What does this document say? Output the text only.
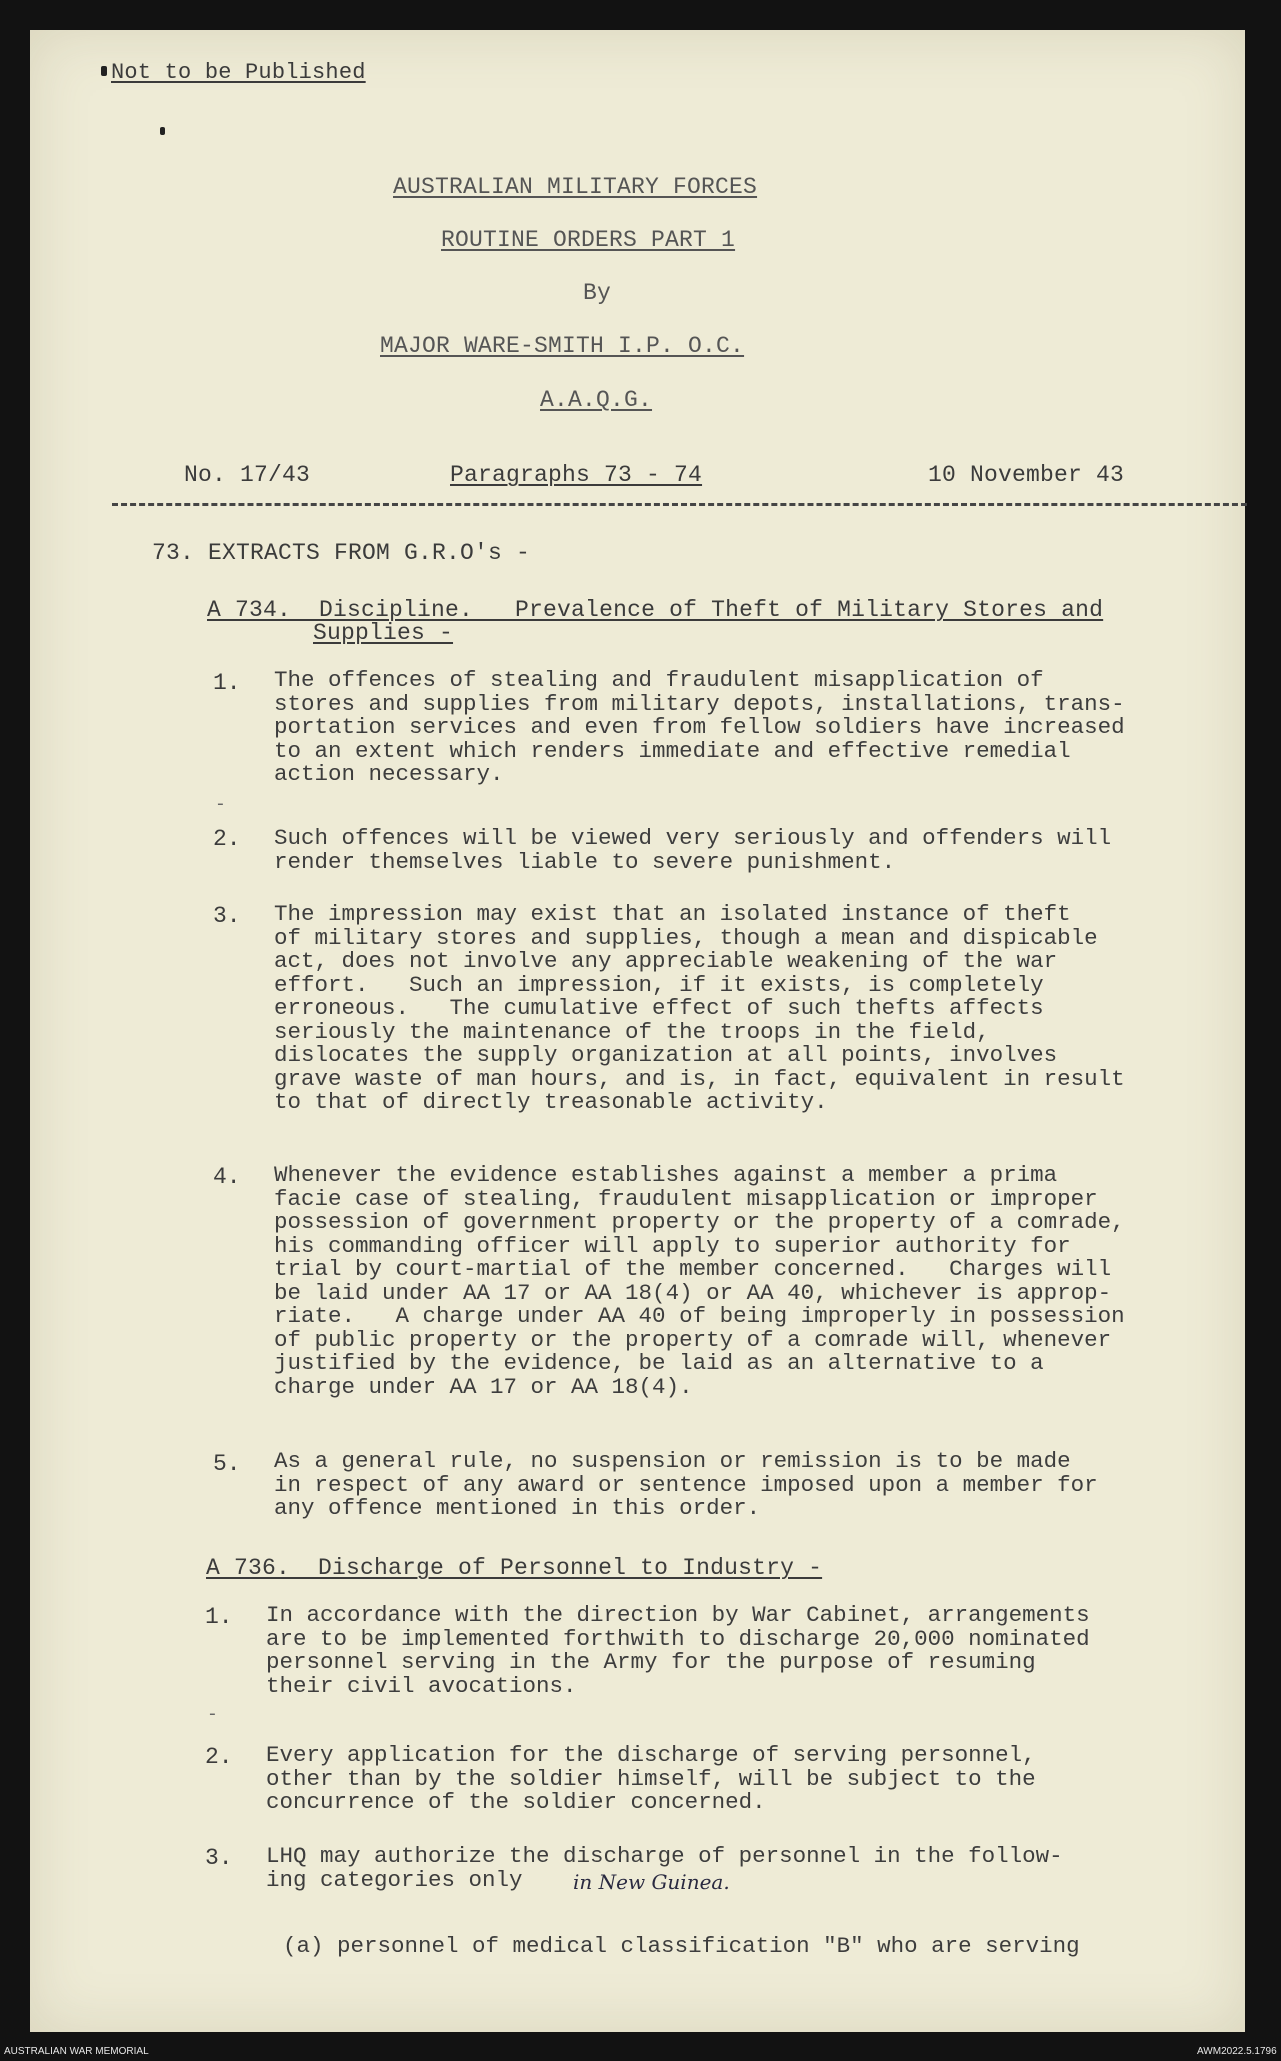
Not to be Published
AUSTRALIAN MILITARY FORCES
ROUTINE ORDERS PART 1
By
MAJOR WARE-SMITH I.P. O.C.
A.A.Q.G.
No. 17/43	Paragraphs 73 - 74	10 November 43
73. EXTRACTS FROM G.R.O's -
A 734.  Discipline.   Prevalence of Theft of Military Stores and
Supplies -
1. The offences of stealing and fraudulent misapplication of
stores and supplies from military depots, installations, trans-
portation services and even from fellow soldiers have increased
to an extent which renders immediate and effective remedial
action necessary.
-
2. Such offences will be viewed very seriously and offenders will
render themselves liable to severe punishment.
3. The impression may exist that an isolated instance of theft
of military stores and supplies, though a mean and dispicable
act, does not involve any appreciable weakening of the war
effort.   Such an impression, if it exists, is completely
erroneous.   The cumulative effect of such thefts affects
seriously the maintenance of the troops in the field,
dislocates the supply organization at all points, involves
grave waste of man hours, and is, in fact, equivalent in result
to that of directly treasonable activity.
4. Whenever the evidence establishes against a member a prima
facie case of stealing, fraudulent misapplication or improper
possession of government property or the property of a comrade,
his commanding officer will apply to superior authority for
trial by court-martial of the member concerned.   Charges will
be laid under AA 17 or AA 18(4) or AA 40, whichever is approp-
riate.   A charge under AA 40 of being improperly in possession
of public property or the property of a comrade will, whenever
justified by the evidence, be laid as an alternative to a
charge under AA 17 or AA 18(4).
5. As a general rule, no suspension or remission is to be made
in respect of any award or sentence imposed upon a member for
any offence mentioned in this order.
A 736.  Discharge of Personnel to Industry -
1. In accordance with the direction by War Cabinet, arrangements
are to be implemented forthwith to discharge 20,000 nominated
personnel serving in the Army for the purpose of resuming
their civil avocations.
-
2. Every application for the discharge of serving personnel,
other than by the soldier himself, will be subject to the
concurrence of the soldier concerned.
3. LHQ may authorize the discharge of personnel in the follow-
ing categories only	in New Guinea.
(a) personnel of medical classification "B" who are serving
AUSTRALIAN WAR MEMORIAL	AWM2022.5.1796
